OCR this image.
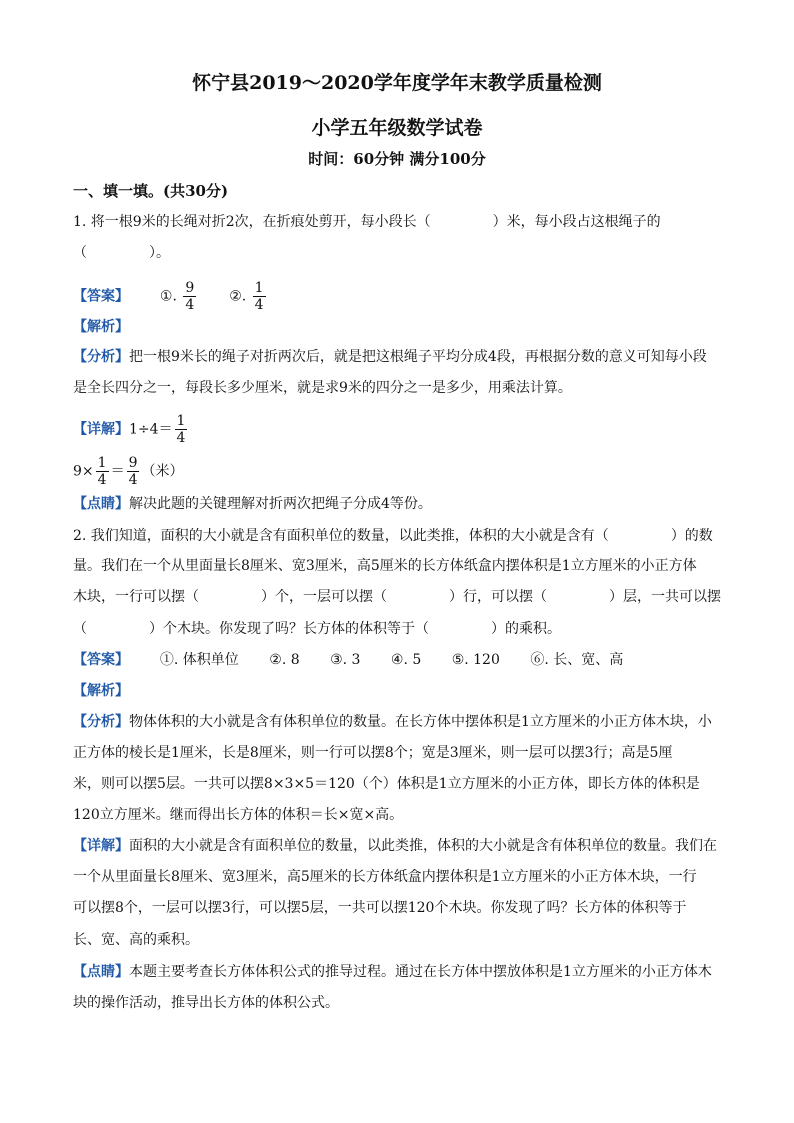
怀宁县2019～2020学年度学年末教学质量检测
小学五年级数学试卷
时间：60分钟 满分100分
一、填一填。(共30分)
1. 将一根9米的长绳对折2次，在折痕处剪开，每小段长（	）米，每小段占这根绳子的
（	）。
【答案】 ①. $\frac{9}{4}$ ②. $\frac{1}{4}$
【解析】
【分析】把一根9米长的绳子对折两次后，就是把这根绳子平均分成4段，再根据分数的意义可知每小段
是全长四分之一，每段长多少厘米，就是求9米的四分之一是多少，用乘法计算。
【详解】$1\div 4= \frac{1}{4}$
$9\times \frac{1}{4} = \frac{9}{4}$ （米）
【点睛】解决此题的关键理解对折两次把绳子分成4等份。
2. 我们知道，面积的大小就是含有面积单位的数量，以此类推，体积的大小就是含有（	）的数
量。我们在一个从里面量长8厘米、宽3厘米，高5厘米的长方体纸盒内摆体积是1立方厘米的小正方体
木块，一行可以摆（	）个，一层可以摆（	）行，可以摆（	）层，一共可以摆
（	）个木块。你发现了吗？长方体的体积等于（	）的乘积。
【答案】 ①. 体积单位 ②. 8 ③. 3 ④. 5 ⑤. 120 ⑥. 长、宽、高
【解析】
【分析】物体体积的大小就是含有体积单位的数量。在长方体中摆体积是1立方厘米的小正方体木块，小
正方体的棱长是1厘米，长是8厘米，则一行可以摆8个；宽是3厘米，则一层可以摆3行；高是5厘
米，则可以摆5层。一共可以摆8×3×5＝120（个）体积是1立方厘米的小正方体，即长方体的体积是
120立方厘米。继而得出长方体的体积＝长×宽×高。
【详解】面积的大小就是含有面积单位的数量，以此类推，体积的大小就是含有体积单位的数量。我们在
一个从里面量长8厘米、宽3厘米，高5厘米的长方体纸盒内摆体积是1立方厘米的小正方体木块，一行
可以摆8个，一层可以摆3行，可以摆5层，一共可以摆120个木块。你发现了吗？长方体的体积等于
长、宽、高的乘积。
【点睛】本题主要考查长方体体积公式的推导过程。通过在长方体中摆放体积是1立方厘米的小正方体木
块的操作活动，推导出长方体的体积公式。
